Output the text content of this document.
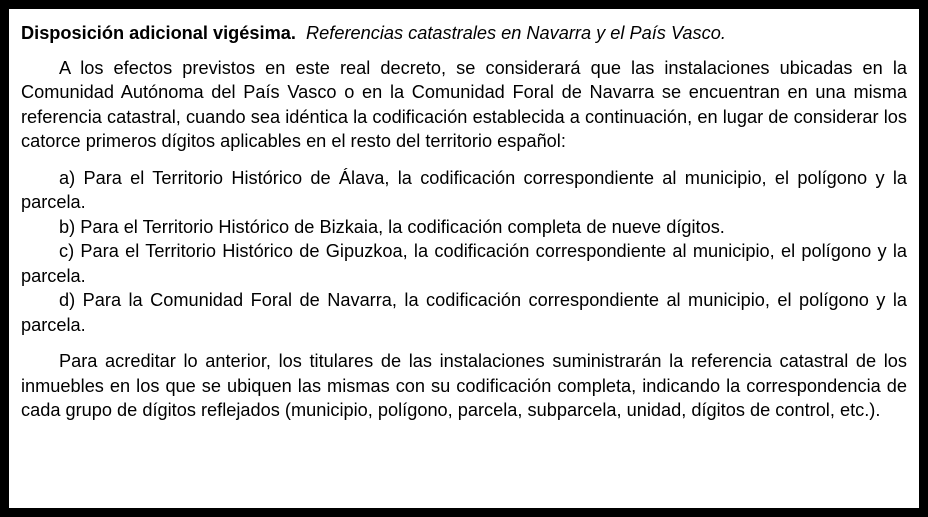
Disposición adicional vigésima. Referencias catastrales en Navarra y el País Vasco.

A los efectos previstos en este real decreto, se considerará que las instalaciones ubicadas en la Comunidad Autónoma del País Vasco o en la Comunidad Foral de Navarra se encuentran en una misma referencia catastral, cuando sea idéntica la codificación establecida a continuación, en lugar de considerar los catorce primeros dígitos aplicables en el resto del territorio español:

a) Para el Territorio Histórico de Álava, la codificación correspondiente al municipio, el polígono y la parcela.

b) Para el Territorio Histórico de Bizkaia, la codificación completa de nueve dígitos.

c) Para el Territorio Histórico de Gipuzkoa, la codificación correspondiente al municipio, el polígono y la parcela.

d) Para la Comunidad Foral de Navarra, la codificación correspondiente al municipio, el polígono y la parcela.

Para acreditar lo anterior, los titulares de las instalaciones suministrarán la referencia catastral de los inmuebles en los que se ubiquen las mismas con su codificación completa, indicando la correspondencia de cada grupo de dígitos reflejados (municipio, polígono, parcela, subparcela, unidad, dígitos de control, etc.).
